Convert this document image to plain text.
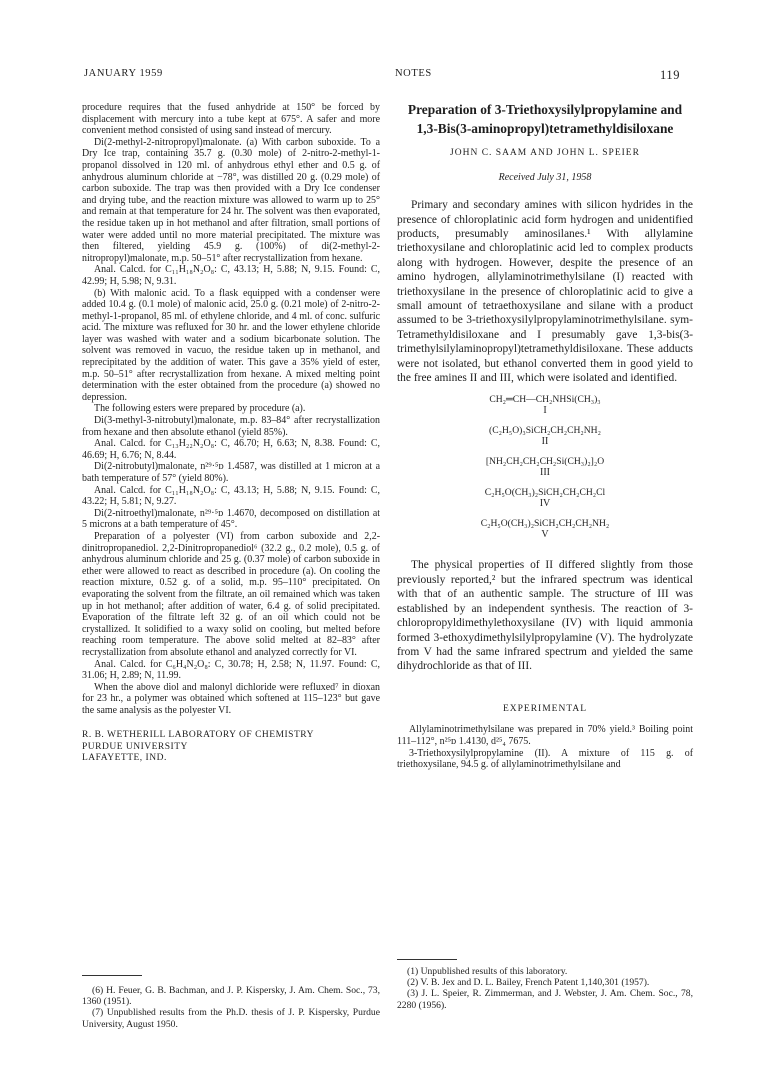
JANUARY 1959	NOTES	119

procedure requires that the fused anhydride at 150° be forced by displacement with mercury into a tube kept at 675°. A safer and more convenient method consisted of using sand instead of mercury.

Di(2-methyl-2-nitropropyl)malonate. (a) With carbon suboxide. To a Dry Ice trap, containing 35.7 g. (0.30 mole) of 2-nitro-2-methyl-1-propanol dissolved in 120 ml. of anhydrous ethyl ether and 0.5 g. of anhydrous aluminum chloride at −78°, was distilled 20 g. (0.29 mole) of carbon suboxide. The trap was then provided with a Dry Ice condenser and drying tube, and the reaction mixture was allowed to warm up to 25° and remain at that temperature for 24 hr. The solvent was then evaporated, the residue taken up in hot methanol and after filtration, small portions of water were added until no more material precipitated. The mixture was then filtered, yielding 45.9 g. (100%) of di(2-methyl-2-nitropropyl)malonate, m.p. 50–51° after recrystallization from hexane.

Anal. Calcd. for C₁₁H₁₈N₂O₈: C, 43.13; H, 5.88; N, 9.15. Found: C, 42.99; H, 5.98; N, 9.31.

(b) With malonic acid. To a flask equipped with a condenser were added 10.4 g. (0.1 mole) of malonic acid, 25.0 g. (0.21 mole) of 2-nitro-2-methyl-1-propanol, 85 ml. of ethylene chloride, and 4 ml. of conc. sulfuric acid. The mixture was refluxed for 30 hr. and the lower ethylene chloride layer was washed with water and a sodium bicarbonate solution. The solvent was removed in vacuo, the residue taken up in methanol, and reprecipitated by the addition of water. This gave a 35% yield of ester, m.p. 50–51° after recrystallization from hexane. A mixed melting point determination with the ester obtained from the procedure (a) showed no depression.

The following esters were prepared by procedure (a).

Di(3-methyl-3-nitrobutyl)malonate, m.p. 83–84° after recrystallization from hexane and then absolute ethanol (yield 85%).

Anal. Calcd. for C₁₃H₂₂N₂O₈: C, 46.70; H, 6.63; N, 8.38. Found: C, 46.69; H, 6.76; N, 8.44.

Di(2-nitrobutyl)malonate, n²⁹·⁵ᴅ 1.4587, was distilled at 1 micron at a bath temperature of 57° (yield 80%).

Anal. Calcd. for C₁₁H₁₈N₂O₈: C, 43.13; H, 5.88; N, 9.15. Found: C, 43.22; H, 5.81; N, 9.27.

Di(2-nitroethyl)malonate, n²⁹·⁵ᴅ 1.4670, decomposed on distillation at 5 microns at a bath temperature of 45°.

Preparation of a polyester (VI) from carbon suboxide and 2,2-dinitropropanediol. 2,2-Dinitropropanediol⁶ (32.2 g., 0.2 mole), 0.5 g. of anhydrous aluminum chloride and 25 g. (0.37 mole) of carbon suboxide in ether were allowed to react as described in procedure (a). On cooling the reaction mixture, 0.52 g. of a solid, m.p. 95–110° precipitated. On evaporating the solvent from the filtrate, an oil remained which was taken up in hot methanol; after addition of water, 6.4 g. of solid precipitated. Evaporation of the filtrate left 32 g. of an oil which could not be crystallized. It solidified to a waxy solid on cooling, but melted before reaching room temperature. The above solid melted at 82–83° after recrystallization from absolute ethanol and analyzed correctly for VI.

Anal. Calcd. for C₆H₄N₂O₈: C, 30.78; H, 2.58; N, 11.97. Found: C, 31.06; H, 2.89; N, 11.99.

When the above diol and malonyl dichloride were refluxed⁷ in dioxan for 23 hr., a polymer was obtained which softened at 115–123° but gave the same analysis as the polyester VI.

R. B. WETHERILL LABORATORY OF CHEMISTRY
PURDUE UNIVERSITY
LAFAYETTE, IND.
Preparation of 3-Triethoxysilylpropylamine and 1,3-Bis(3-aminopropyl)tetramethyldisiloxane
JOHN C. SAAM AND JOHN L. SPEIER
Received July 31, 1958

Primary and secondary amines with silicon hydrides in the presence of chloroplatinic acid form hydrogen and unidentified products, presumably aminosilanes.¹ With allylamine triethoxysilane and chloroplatinic acid led to complex products along with hydrogen. However, despite the presence of an amino hydrogen, allylaminotrimethylsilane (I) reacted with triethoxysilane in the presence of chloroplatinic acid to give a small amount of tetraethoxysilane and silane with a product assumed to be 3-triethoxysilylpropylaminotrimethylsilane. sym-Tetramethyldisiloxane and I presumably gave 1,3-bis(3-trimethylsilylaminopropyl)tetramethyldisiloxane. These adducts were not isolated, but ethanol converted them in good yield to the free amines II and III, which were isolated and identified.

CH₂═CH—CH₂NHSi(CH₃)₃
I
(C₂H₅O)₃SiCH₂CH₂CH₂NH₂
II
[NH₂CH₂CH₂CH₂Si(CH₃)₂]₂O
III
C₂H₅O(CH₃)₂SiCH₂CH₂CH₂Cl
IV
C₂H₅O(CH₃)₂SiCH₂CH₂CH₂NH₂
V

The physical properties of II differed slightly from those previously reported,² but the infrared spectrum was identical with that of an authentic sample. The structure of III was established by an independent synthesis. The reaction of 3-chloropropyldimethylethoxysilane (IV) with liquid ammonia formed 3-ethoxydimethylsilylpropylamine (V). The hydrolyzate from V had the same infrared spectrum and yielded the same dihydrochloride as that of III.

EXPERIMENTAL

Allylaminotrimethylsilane was prepared in 70% yield.³ Boiling point 111–112°, n²⁵ᴅ 1.4130, d²⁵₄ 7675.

3-Triethoxysilylpropylamine (II). A mixture of 115 g. of triethoxysilane, 94.5 g. of allylaminotrimethylsilane and

(6) H. Feuer, G. B. Bachman, and J. P. Kispersky, J. Am. Chem. Soc., 73, 1360 (1951).

(7) Unpublished results from the Ph.D. thesis of J. P. Kispersky, Purdue University, August 1950.

(1) Unpublished results of this laboratory.

(2) V. B. Jex and D. L. Bailey, French Patent 1,140,301 (1957).

(3) J. L. Speier, R. Zimmerman, and J. Webster, J. Am. Chem. Soc., 78, 2280 (1956).
